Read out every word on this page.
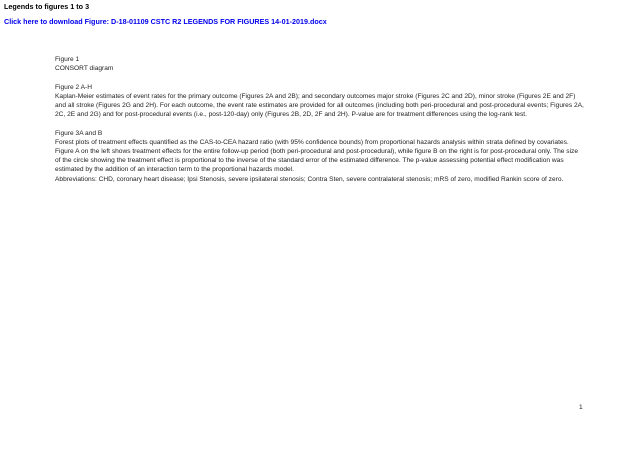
Legends to figures 1 to 3
Click here to download Figure: D-18-01109 CSTC R2 LEGENDS FOR FIGURES 14-01-2019.docx

Figure 1

CONSORT diagram

Figure 2 A-H

Kaplan-Meier estimates of event rates for the primary outcome (Figures 2A and 2B); and secondary outcomes major stroke (Figures 2C and 2D), minor stroke (Figures 2E and 2F) and all stroke (Figures 2G and 2H). For each outcome, the event rate estimates are provided for all outcomes (including both peri-procedural and post-procedural events; Figures 2A, 2C, 2E and 2G) and for post-procedural events (i.e., post-120-day) only (Figures 2B, 2D, 2F and 2H). P-value are for treatment differences using the log-rank test.

Figure 3A and B

Forest plots of treatment effects quantified as the CAS-to-CEA hazard ratio (with 95% confidence bounds) from proportional hazards analysis within strata defined by covariates. Figure A on the left shows treatment effects for the entire follow-up period (both peri-procedural and post-procedural), while figure B on the right is for post-procedural only. The size of the circle showing the treatment effect is proportional to the inverse of the standard error of the estimated difference. The p-value assessing potential effect modification was estimated by the addition of an interaction term to the proportional hazards model.

Abbreviations: CHD, coronary heart disease; Ipsi Stenosis, severe ipsilateral stenosis; Contra Sten, severe contralateral stenosis; mRS of zero, modified Rankin score of zero.

1
